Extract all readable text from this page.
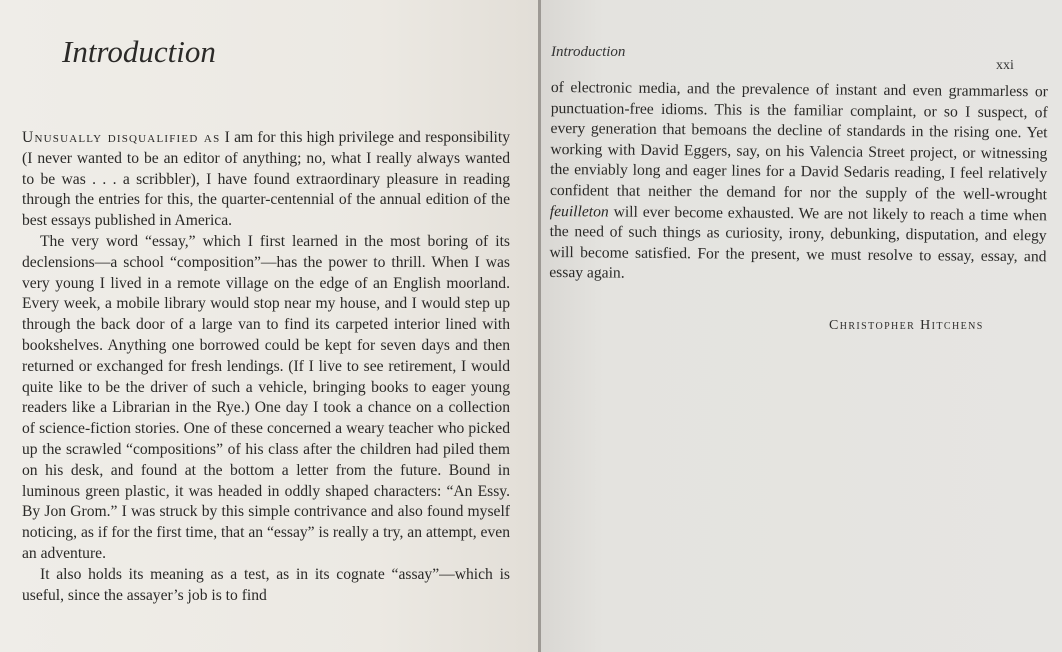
Introduction

Unusually disqualified as I am for this high privilege and responsibility (I never wanted to be an editor of anything; no, what I really always wanted to be was . . . a scribbler), I have found extraordinary pleasure in reading through the entries for this, the quarter-centennial of the annual edition of the best essays published in America.

The very word “essay,” which I first learned in the most boring of its declensions—a school “composition”—has the power to thrill. When I was very young I lived in a remote village on the edge of an English moorland. Every week, a mobile library would stop near my house, and I would step up through the back door of a large van to find its carpeted interior lined with bookshelves. Anything one borrowed could be kept for seven days and then returned or exchanged for fresh lendings. (If I live to see retirement, I would quite like to be the driver of such a vehicle, bringing books to eager young readers like a Librarian in the Rye.) One day I took a chance on a collection of science-fiction stories. One of these concerned a weary teacher who picked up the scrawled “compositions” of his class after the children had piled them on his desk, and found at the bottom a letter from the future. Bound in luminous green plastic, it was headed in oddly shaped characters: “An Essy. By Jon Grom.” I was struck by this simple contrivance and also found myself noticing, as if for the first time, that an “essay” is really a try, an attempt, even an adventure.

It also holds its meaning as a test, as in its cognate “assay”—which is useful, since the assayer’s job is to find

Introduction
xxi

of electronic media, and the prevalence of instant and even grammarless or punctuation-free idioms. This is the familiar complaint, or so I suspect, of every generation that bemoans the decline of standards in the rising one. Yet working with David Eggers, say, on his Valencia Street project, or witnessing the enviably long and eager lines for a David Sedaris reading, I feel relatively confident that neither the demand for nor the supply of the well-wrought feuilleton will ever become exhausted. We are not likely to reach a time when the need of such things as curiosity, irony, debunking, disputation, and elegy will become satisfied. For the present, we must resolve to essay, essay, and essay again.

Christopher Hitchens
